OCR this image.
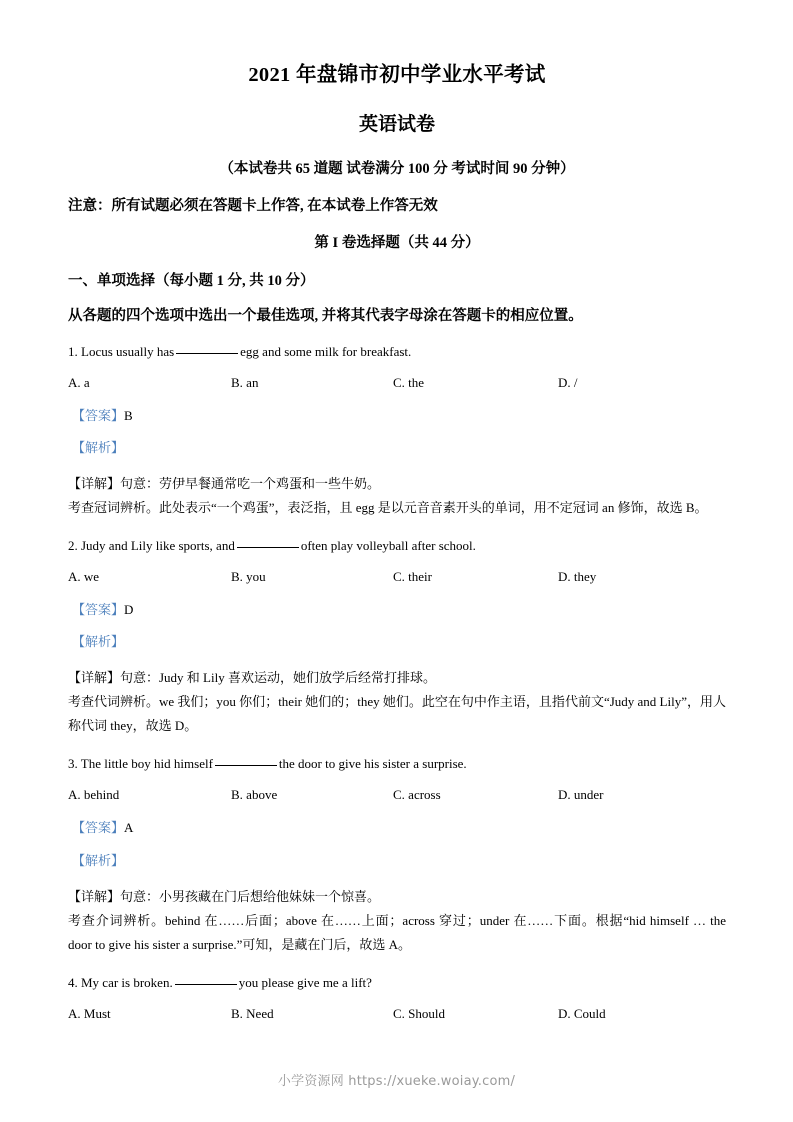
2021 年盘锦市初中学业水平考试
英语试卷
（本试卷共 65 道题 试卷满分 100 分 考试时间 90 分钟）
注意：所有试题必须在答题卡上作答, 在本试卷上作答无效
第 I 卷选择题（共 44 分）
一、单项选择（每小题 1 分, 共 10 分）
从各题的四个选项中选出一个最佳选项, 并将其代表字母涂在答题卡的相应位置。
1. Locus usually has	egg and some milk for breakfast.
A. a	B. an	C. the	D. /
【答案】B
【解析】

【详解】句意：劳伊早餐通常吃一个鸡蛋和一些牛奶。

考查冠词辨析。此处表示“一个鸡蛋”，表泛指，且 egg 是以元音音素开头的单词，用不定冠词 an 修饰，故选 B。

2. Judy and Lily like sports, and	often play volleyball after school.
A. we	B. you	C. their	D. they
【答案】D
【解析】

【详解】句意：Judy 和 Lily 喜欢运动，她们放学后经常打排球。

考查代词辨析。we 我们；you 你们；their 她们的；they 她们。此空在句中作主语，且指代前文“Judy and Lily”，用人称代词 they，故选 D。

3. The little boy hid himself	the door to give his sister a surprise.
A. behind	B. above	C. across	D. under
【答案】A
【解析】

【详解】句意：小男孩藏在门后想给他妹妹一个惊喜。

考查介词辨析。behind 在……后面；above 在……上面；across 穿过；under 在……下面。根据“hid himself … the door to give his sister a surprise.”可知，是藏在门后，故选 A。

4. My car is broken.	you please give me a lift?
A. Must	B. Need	C. Should	D. Could
小学资源网 https://xueke.woiay.com/
